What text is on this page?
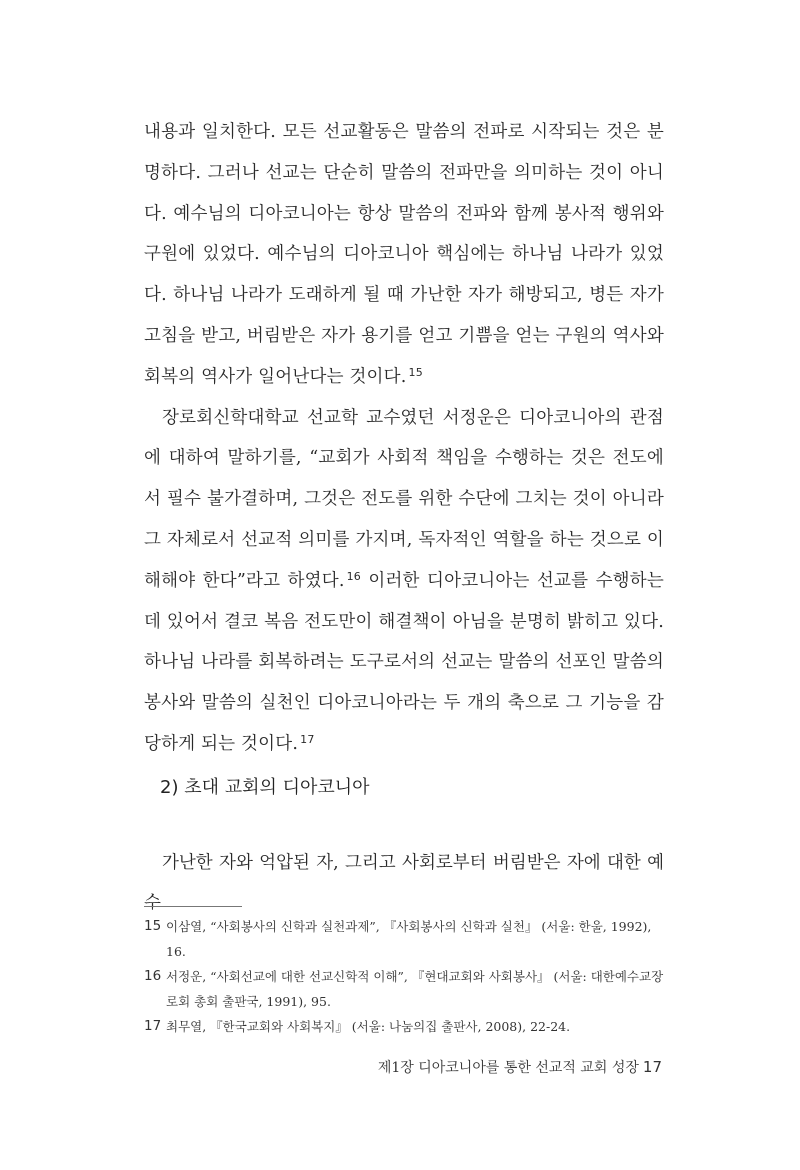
내용과 일치한다. 모든 선교활동은 말씀의 전파로 시작되는 것은 분명하다. 그러나 선교는 단순히 말씀의 전파만을 의미하는 것이 아니다. 예수님의 디아코니아는 항상 말씀의 전파와 함께 봉사적 행위와 구원에 있었다. 예수님의 디아코니아 핵심에는 하나님 나라가 있었다. 하나님 나라가 도래하게 될 때 가난한 자가 해방되고, 병든 자가 고침을 받고, 버림받은 자가 용기를 얻고 기쁨을 얻는 구원의 역사와 회복의 역사가 일어난다는 것이다. $^{15}$

장로회신학대학교 선교학 교수였던 서정운은 디아코니아의 관점에 대하여 말하기를, “교회가 사회적 책임을 수행하는 것은 전도에서 필수 불가결하며, 그것은 전도를 위한 수단에 그치는 것이 아니라 그 자체로서 선교적 의미를 가지며, 독자적인 역할을 하는 것으로 이해해야 한다”라고 하였다. $^{16}$ 이러한 디아코니아는 선교를 수행하는 데 있어서 결코 복음 전도만이 해결책이 아님을 분명히 밝히고 있다. 하나님 나라를 회복하려는 도구로서의 선교는 말씀의 선포인 말씀의 봉사와 말씀의 실천인 디아코니아라는 두 개의 축으로 그 기능을 감당하게 되는 것이다. $^{17}$

2) 초대 교회의 디아코니아
가난한 자와 억압된 자, 그리고 사회로부터 버림받은 자에 대한 예수
15 이삼열, “사회봉사의 신학과 실천과제”, 『사회봉사의 신학과 실천』 (서울: 한울, 1992), 16.
16 서정운, “사회선교에 대한 선교신학적 이해”, 『현대교회와 사회봉사』 (서울: 대한예수교장로회 총회 출판국, 1991), 95.
17 최무열, 『한국교회와 사회복지』 (서울: 나눔의집 출판사, 2008), 22-24.
제1장 디아코니아를 통한 선교적 교회 성장 17
